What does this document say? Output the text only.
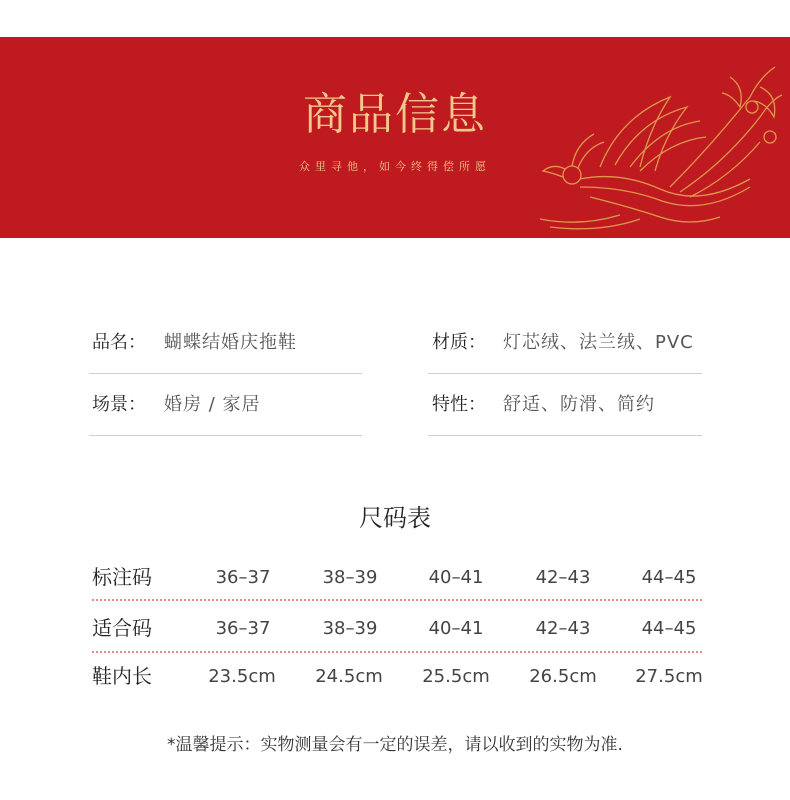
商品信息
众里寻他，如今终得偿所愿
品名： 蝴蝶结婚庆拖鞋	材质： 灯芯绒、法兰绒、PVC
场景： 婚房 / 家居	特性： 舒适、防滑、简约
尺码表
标注码	36–37	38–39	40–41	42–43	44–45
适合码	36–37	38–39	40–41	42–43	44–45
鞋内长	23.5cm	24.5cm	25.5cm	26.5cm	27.5cm
*温馨提示：实物测量会有一定的误差，请以收到的实物为准.
